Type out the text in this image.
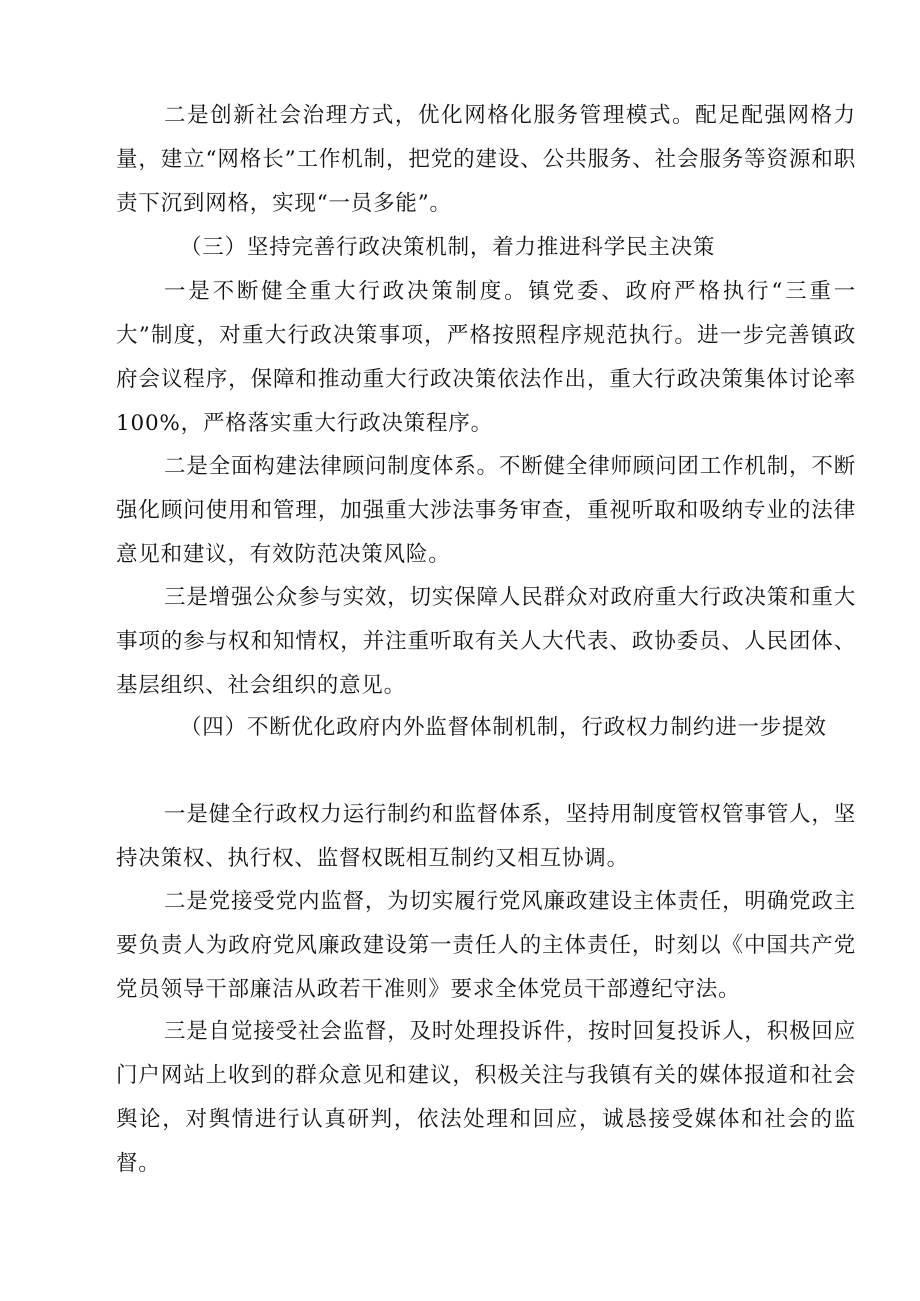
二是创新社会治理方式，优化网格化服务管理模式。配足配强网格力量，建立“网格长”工作机制，把党的建设、公共服务、社会服务等资源和职责下沉到网格，实现“一员多能”。

（三）坚持完善行政决策机制，着力推进科学民主决策

一是不断健全重大行政决策制度。镇党委、政府严格执行“三重一大”制度，对重大行政决策事项，严格按照程序规范执行。进一步完善镇政府会议程序，保障和推动重大行政决策依法作出，重大行政决策集体讨论率100%，严格落实重大行政决策程序。

二是全面构建法律顾问制度体系。不断健全律师顾问团工作机制，不断强化顾问使用和管理，加强重大涉法事务审查，重视听取和吸纳专业的法律意见和建议，有效防范决策风险。

三是增强公众参与实效，切实保障人民群众对政府重大行政决策和重大事项的参与权和知情权，并注重听取有关人大代表、政协委员、人民团体、基层组织、社会组织的意见。

（四）不断优化政府内外监督体制机制，行政权力制约进一步提效

一是健全行政权力运行制约和监督体系，坚持用制度管权管事管人，坚持决策权、执行权、监督权既相互制约又相互协调。

二是党接受党内监督，为切实履行党风廉政建设主体责任，明确党政主要负责人为政府党风廉政建设第一责任人的主体责任，时刻以《中国共产党党员领导干部廉洁从政若干准则》要求全体党员干部遵纪守法。

三是自觉接受社会监督，及时处理投诉件，按时回复投诉人，积极回应门户网站上收到的群众意见和建议，积极关注与我镇有关的媒体报道和社会舆论，对舆情进行认真研判，依法处理和回应，诚恳接受媒体和社会的监督。
